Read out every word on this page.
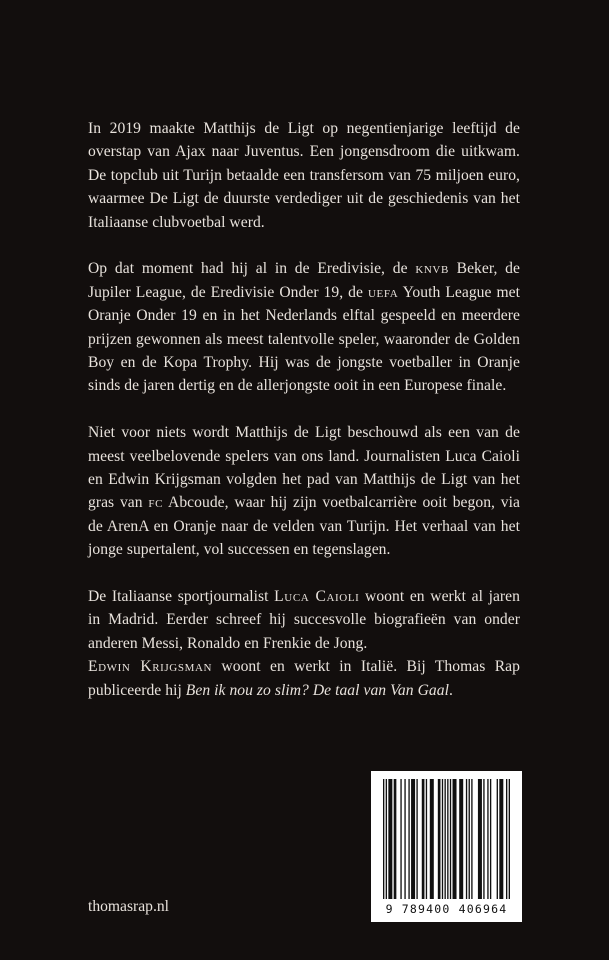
In 2019 maakte Matthijs de Ligt op negentienjarige leeftijd de overstap van Ajax naar Juventus. Een jongensdroom die uitkwam. De topclub uit Turijn betaalde een transfersom van 75 miljoen euro, waarmee De Ligt de duurste verdediger uit de geschiedenis van het Italiaanse clubvoetbal werd.

Op dat moment had hij al in de Eredivisie, de knvb Beker, de Jupiler League, de Eredivisie Onder 19, de uefa Youth League met Oranje Onder 19 en in het Nederlands elftal gespeeld en meerdere prijzen gewonnen als meest talentvolle speler, waaronder de Golden Boy en de Kopa Trophy. Hij was de jongste voetballer in Oranje sinds de jaren dertig en de allerjongste ooit in een Europese finale.

Niet voor niets wordt Matthijs de Ligt beschouwd als een van de meest veelbelovende spelers van ons land. Journalisten Luca Caioli en Edwin Krijgsman volgden het pad van Matthijs de Ligt van het gras van fc Abcoude, waar hij zijn voetbalcarrière ooit begon, via de ArenA en Oranje naar de velden van Turijn. Het verhaal van het jonge supertalent, vol successen en tegenslagen.

De Italiaanse sportjournalist Luca Caioli woont en werkt al jaren in Madrid. Eerder schreef hij succesvolle biografieën van onder anderen Messi, Ronaldo en Frenkie de Jong.

Edwin Krijgsman woont en werkt in Italië. Bij Thomas Rap publiceerde hij Ben ik nou zo slim? De taal van Van Gaal.

thomasrap.nl	9 789400 406964
